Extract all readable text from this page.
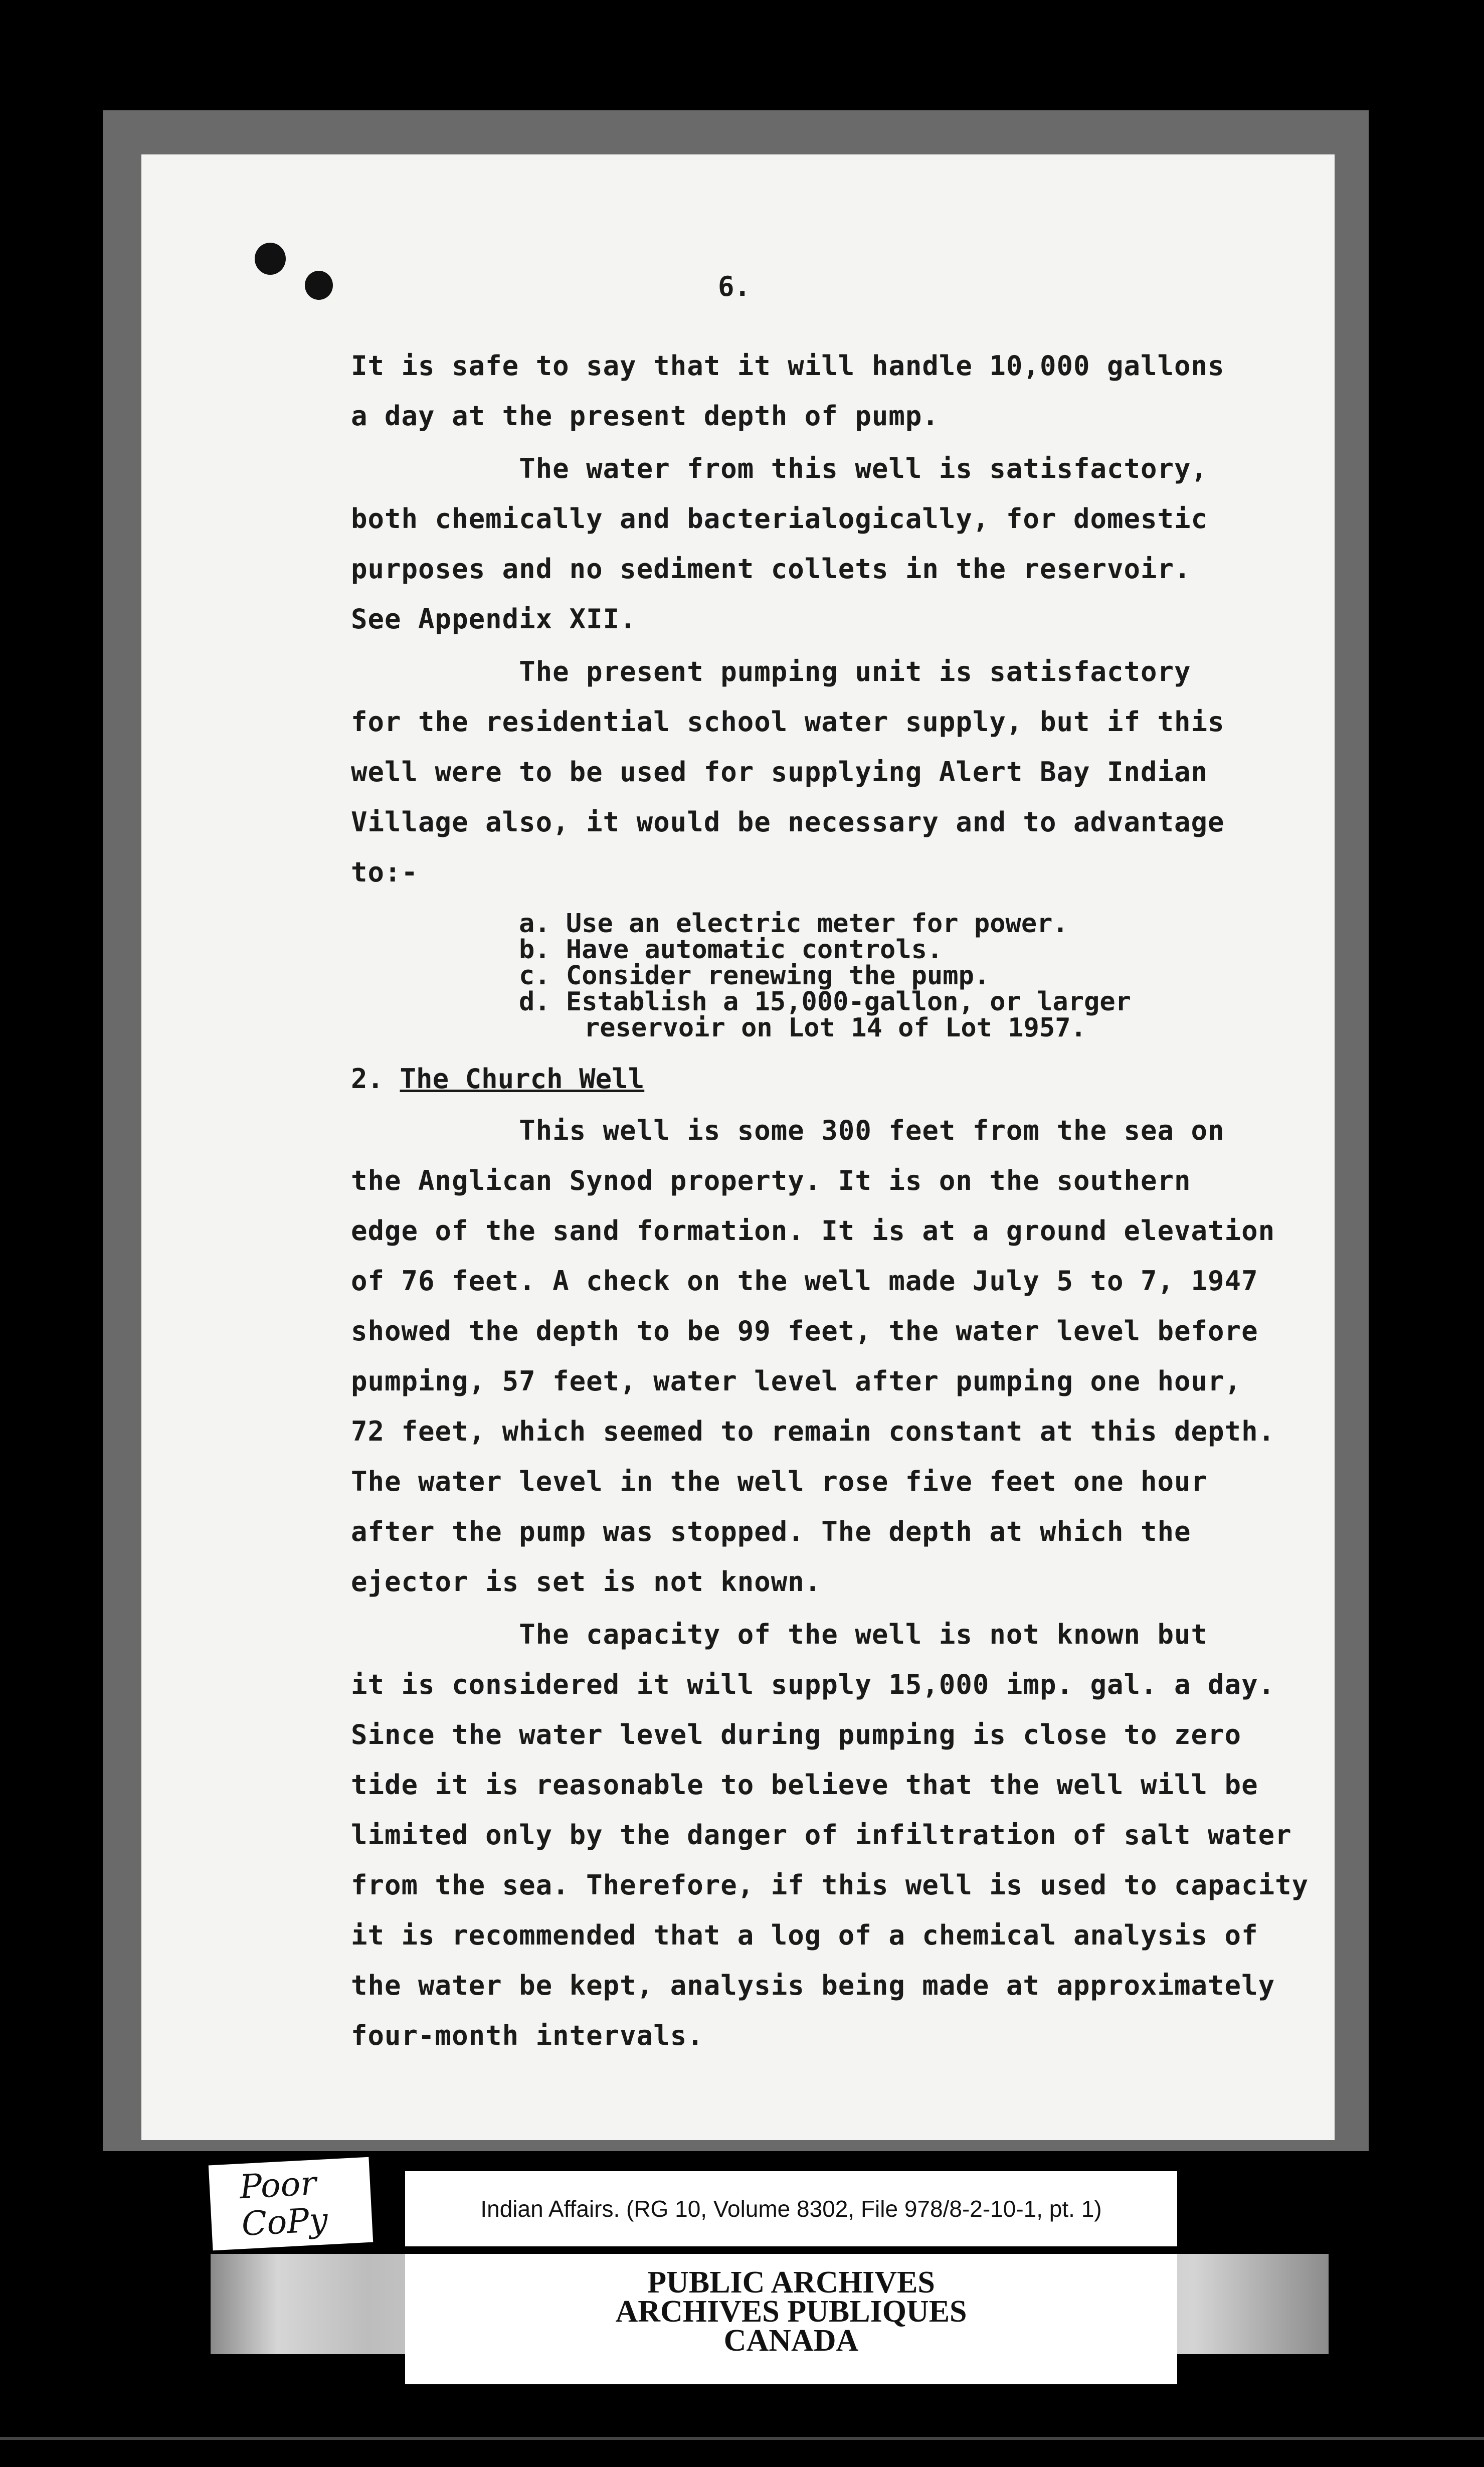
6.
It is safe to say that it will handle 10,000 gallons
a day at the present depth of pump.
The water from this well is satisfactory,
both chemically and bacterialogically, for domestic
purposes and no sediment collets in the reservoir.
See Appendix XII.
The present pumping unit is satisfactory
for the residential school water supply, but if this
well were to be used for supplying Alert Bay Indian
Village also, it would be necessary and to advantage
to:-
a. Use an electric meter for power.
b. Have automatic controls.
c. Consider renewing the pump.
d. Establish a 15,000-gallon, or larger
reservoir on Lot 14 of Lot 1957.
2. The Church Well
This well is some 300 feet from the sea on
the Anglican Synod property. It is on the southern
edge of the sand formation. It is at a ground elevation
of 76 feet. A check on the well made July 5 to 7, 1947
showed the depth to be 99 feet, the water level before
pumping, 57 feet, water level after pumping one hour,
72 feet, which seemed to remain constant at this depth.
The water level in the well rose five feet one hour
after the pump was stopped. The depth at which the
ejector is set is not known.
The capacity of the well is not known but
it is considered it will supply 15,000 imp. gal. a day.
Since the water level during pumping is close to zero
tide it is reasonable to believe that the well will be
limited only by the danger of infiltration of salt water
from the sea. Therefore, if this well is used to capacity
it is recommended that a log of a chemical analysis of
the water be kept, analysis being made at approximately
four-month intervals.
Poor
CoPy	Indian Affairs. (RG 10, Volume 8302, File 978/8-2-10-1, pt. 1)
PUBLIC ARCHIVES
ARCHIVES PUBLIQUES
CANADA
